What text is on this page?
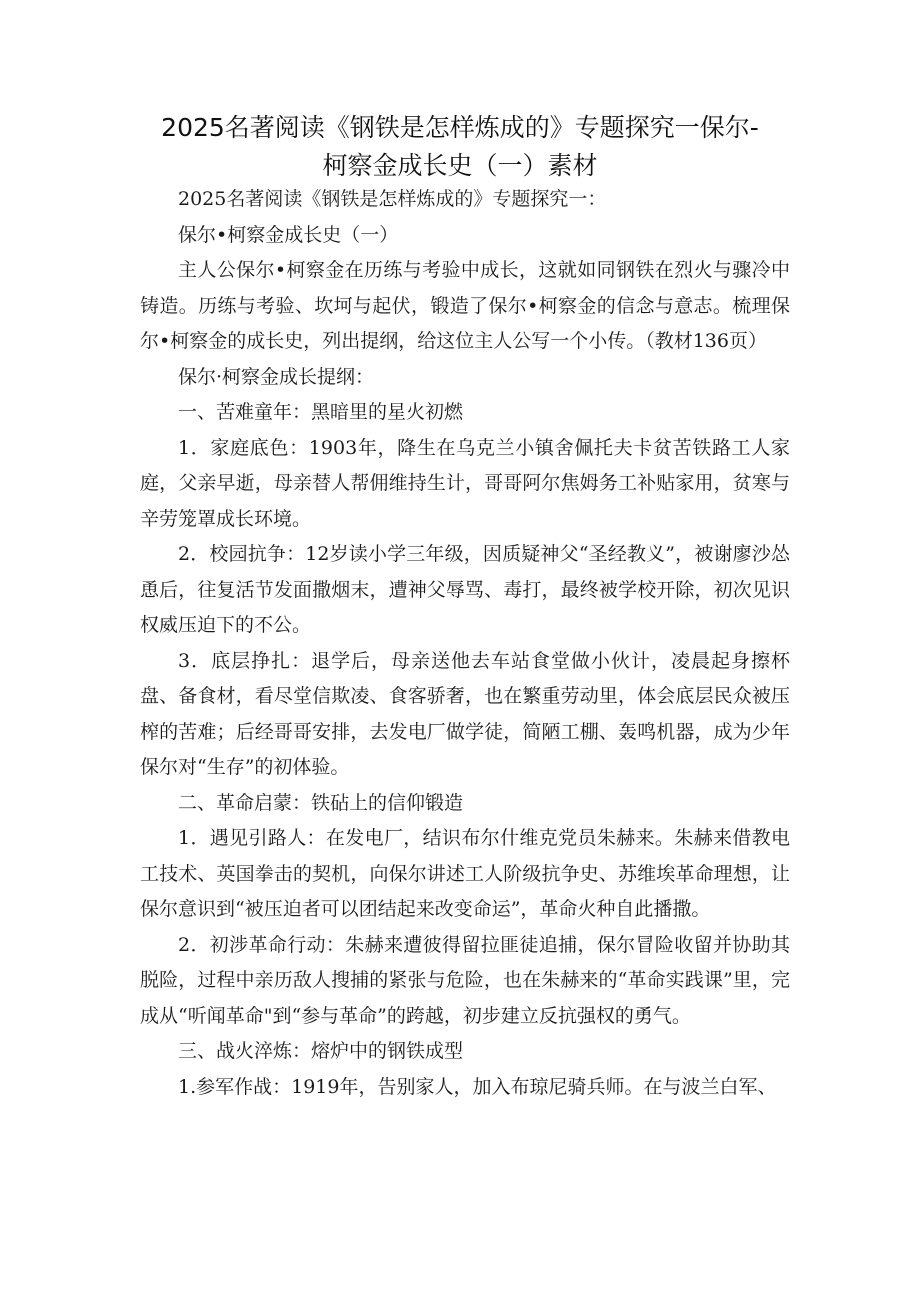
2025名著阅读《钢铁是怎样炼成的》专题探究一保尔-
柯察金成长史（一）素材

2025名著阅读《钢铁是怎样炼成的》专题探究一：

保尔•柯察金成长史（一）

主人公保尔•柯察金在历练与考验中成长，这就如同钢铁在烈火与骤冷中铸造。历练与考验、坎坷与起伏，锻造了保尔•柯察金的信念与意志。梳理保尔•柯察金的成长史，列出提纲，给这位主人公写一个小传。（教材136页）

保尔·柯察金成长提纲：

一、苦难童年：黑暗里的星火初燃

1．家庭底色：1903年，降生在乌克兰小镇舍佩托夫卡贫苦铁路工人家庭，父亲早逝，母亲替人帮佣维持生计，哥哥阿尔焦姆务工补贴家用，贫寒与辛劳笼罩成长环境。

2．校园抗争：12岁读小学三年级，因质疑神父“圣经教义”，被谢廖沙怂恿后，往复活节发面撒烟末，遭神父辱骂、毒打，最终被学校开除，初次见识权威压迫下的不公。

3．底层挣扎：退学后，母亲送他去车站食堂做小伙计，凌晨起身擦杯盘、备食材，看尽堂信欺凌、食客骄奢，也在繁重劳动里，体会底层民众被压榨的苦难；后经哥哥安排，去发电厂做学徒，简陋工棚、轰鸣机器，成为少年保尔对“生存”的初体验。

二、革命启蒙：铁砧上的信仰锻造

1．遇见引路人：在发电厂，结识布尔什维克党员朱赫来。朱赫来借教电工技术、英国拳击的契机，向保尔讲述工人阶级抗争史、苏维埃革命理想，让保尔意识到“被压迫者可以团结起来改变命运”，革命火种自此播撒。

2．初涉革命行动：朱赫来遭彼得留拉匪徒追捕，保尔冒险收留并协助其脱险，过程中亲历敌人搜捕的紧张与危险，也在朱赫来的“革命实践课”里，完成从“听闻革命"到“参与革命”的跨越，初步建立反抗强权的勇气。

三、战火淬炼：熔炉中的钢铁成型

1.参军作战：1919年，告别家人，加入布琼尼骑兵师。在与波兰白军、
